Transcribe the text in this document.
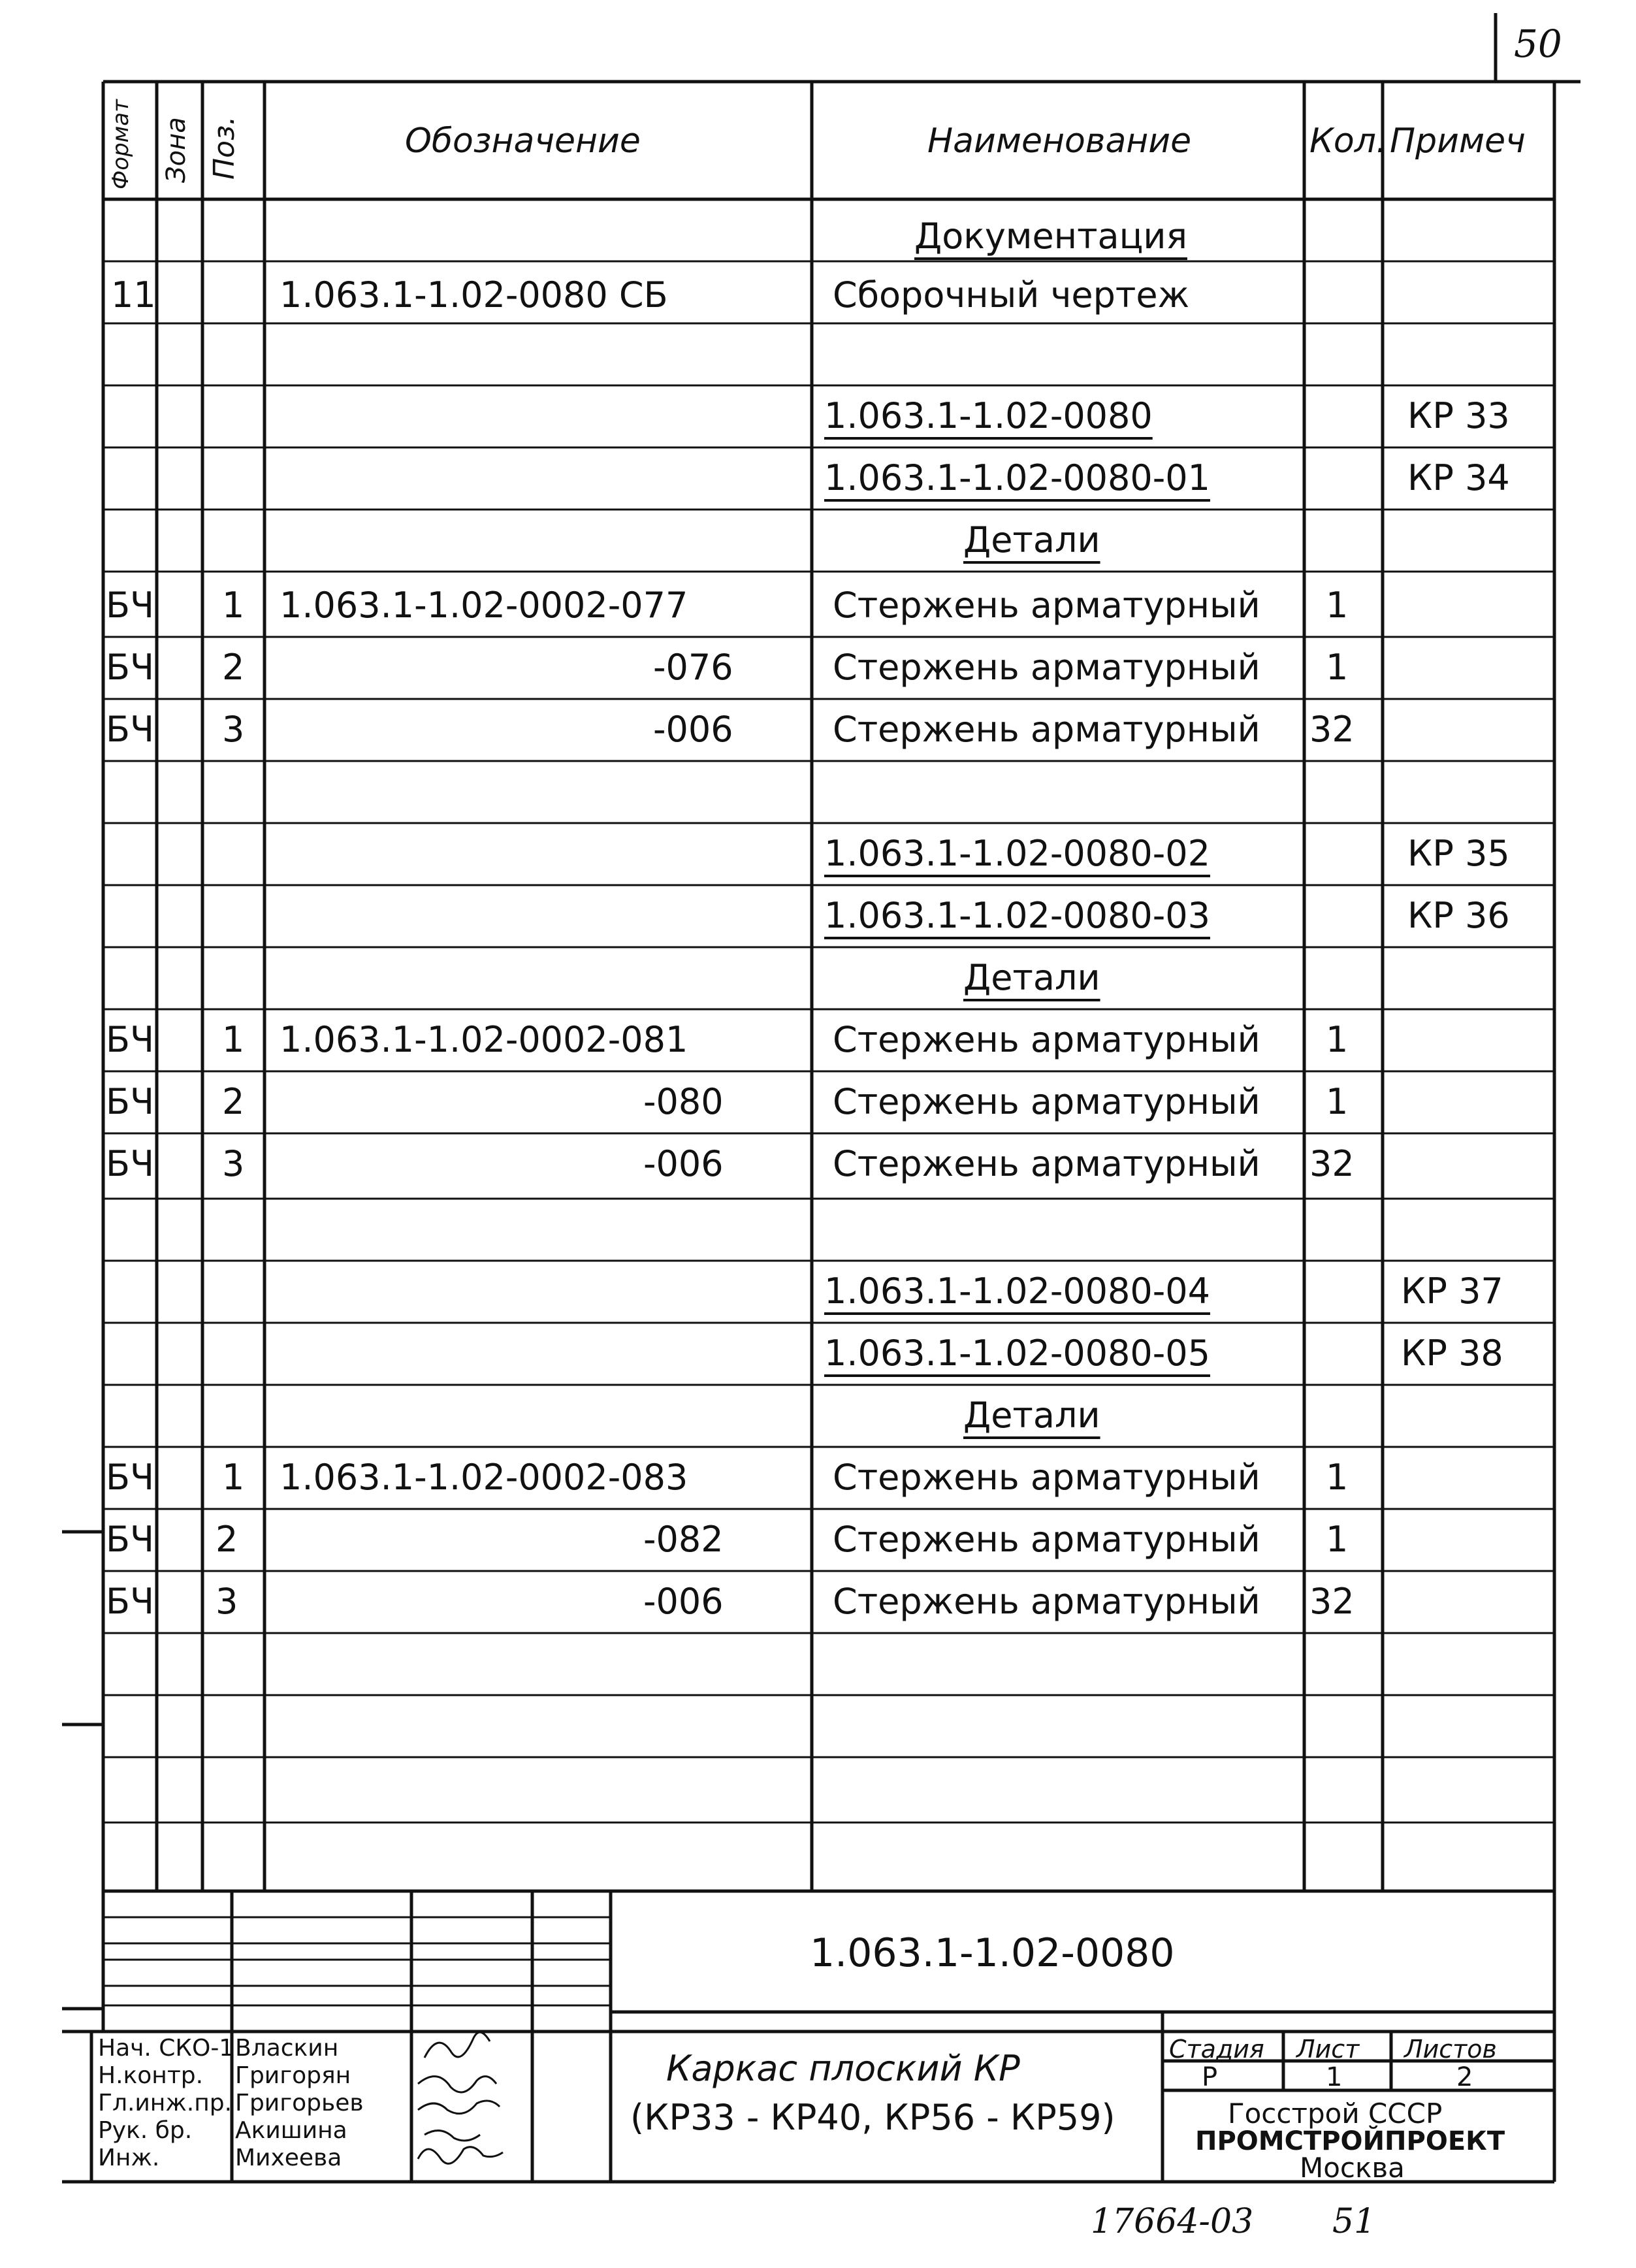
50
Формат Зона Поз.	Обозначение	Наименование	Кол. Примеч
Документация
11	1.063.1-1.02-0080 СБ	Сборочный чертеж
1.063.1-1.02-0080	КР 33
1.063.1-1.02-0080-01	КР 34
Детали
БЧ 1 1.063.1-1.02-0002-077	Стержень арматурный 1
БЧ 2	-076	Стержень арматурный 1
БЧ 3	-006	Стержень арматурный 32
1.063.1-1.02-0080-02	КР 35
1.063.1-1.02-0080-03	КР 36
Детали
БЧ 1 1.063.1-1.02-0002-081	Стержень арматурный 1
БЧ 2	-080	Стержень арматурный 1
БЧ 3	-006	Стержень арматурный 32
1.063.1-1.02-0080-04	КР 37
1.063.1-1.02-0080-05	КР 38
Детали
БЧ 1 1.063.1-1.02-0002-083	Стержень арматурный 1
БЧ 2	-082	Стержень арматурный 1
БЧ 3	-006	Стержень арматурный 32
1.063.1-1.02-0080
Нач. СКО-1 Власкин
Н.контр. Григорян
Гл.инж.пр. Григорьев
Рук. бр. Акишина
Инж.	Михеева
Каркас плоский КР
(КР33 - КР40, КР56 - КР59)
Стадия Лист Листов
Р	1	2
Госстрой СССР
ПРОМСТРОЙПРОЕКТ
Москва
17664-03 51
